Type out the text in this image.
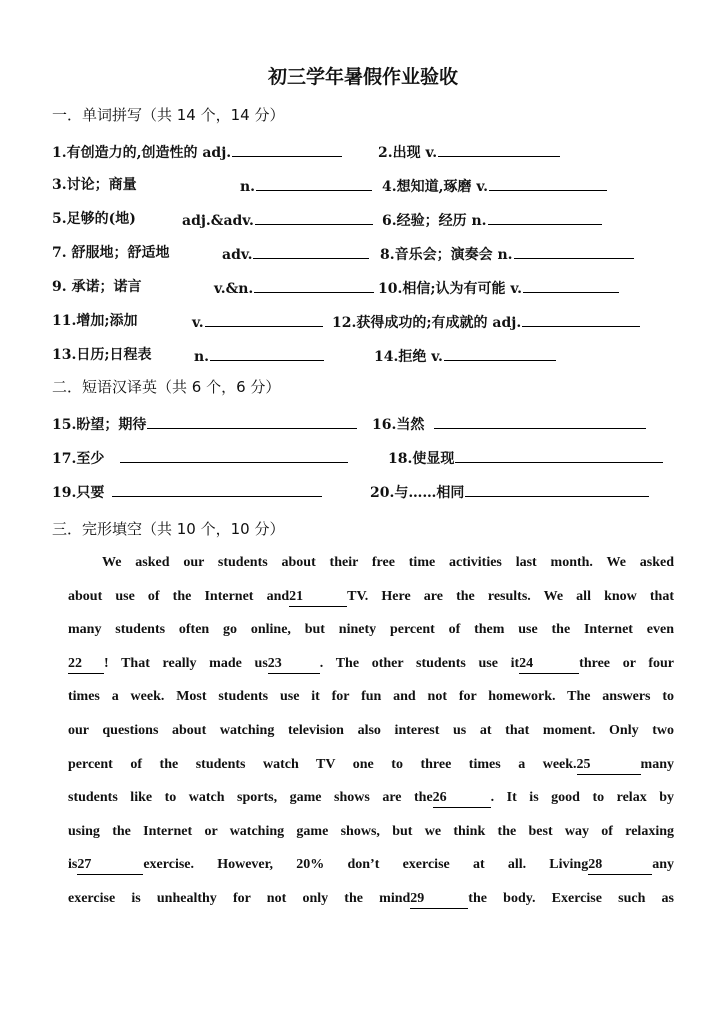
初三学年暑假作业验收
一．单词拼写（共 14 个，14 分）
1.有创造力的,创造性的 adj.	2.出现 v.
3.讨论；商量	n.	4.想知道,琢磨 v.
5.足够的(地)	adj.&adv.	6.经验；经历 n.
7. 舒服地；舒适地	adv.	8.音乐会；演奏会 n.
9. 承诺；诺言	v.&n.	10.相信;认为有可能 v.
11.增加;添加	v.	12.获得成功的;有成就的 adj.
13.日历;日程表	n.	14.拒绝 v.
二．短语汉译英（共 6 个，6 分）
15.盼望；期待	16.当然
17.至少	18.使显现
19.只要	20.与……相同
三．完形填空（共 10 个，10 分）
We asked our students about their free time activities last month. We asked
about use of the Internet and21	TV. Here are the results. We all know that
many students often go online, but ninety percent of them use the Internet even
22 ! That really made us23	. The other students use it24	three or four
times a week. Most students use it for fun and not for homework. The answers to
our questions about watching television also interest us at that moment. Only two
percent of the students watch TV one to three times a week.25	many
students like to watch sports, game shows are the26	. It is good to relax by
using the Internet or watching game shows, but we think the best way of relaxing
is27	exercise. However, 20% don’t exercise at all. Living28	any
exercise is unhealthy for not only the mind29	the body. Exercise such as
